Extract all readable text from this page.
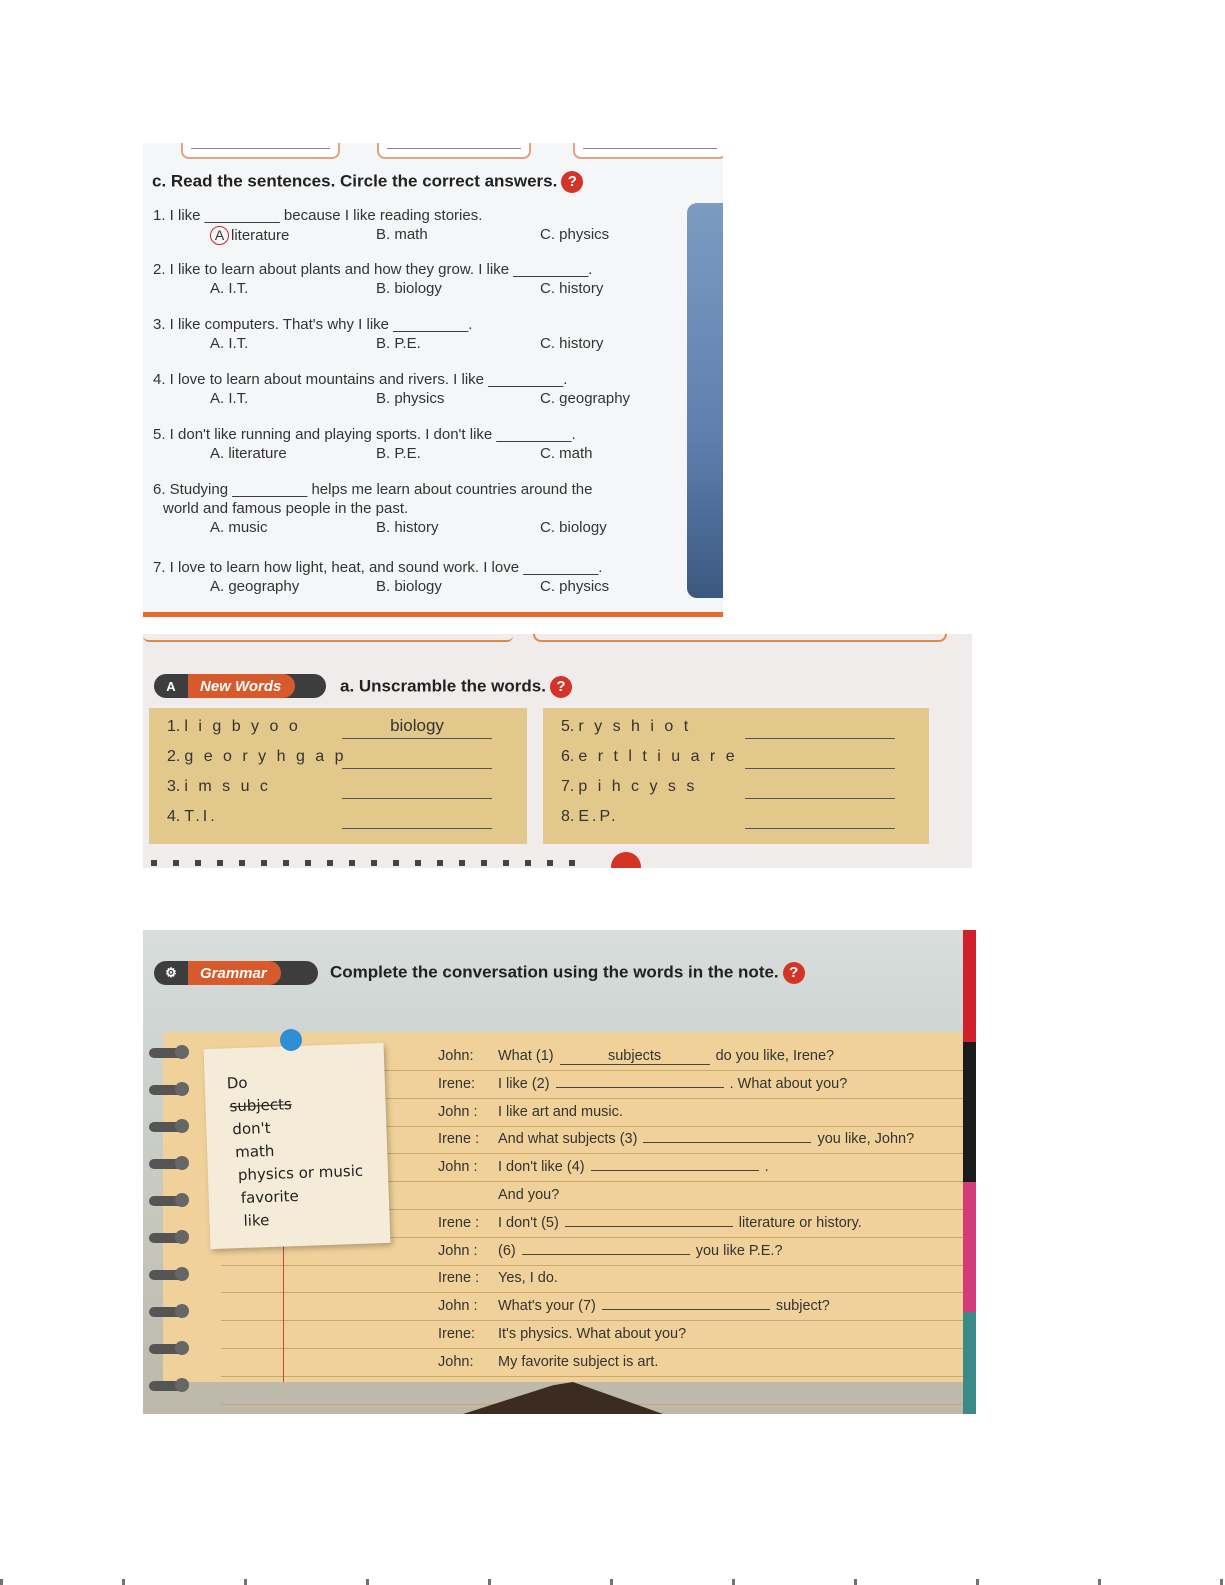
c. Read the sentences. Circle the correct answers. ?
1. I like _________ because I like reading stories.
A literature	B. math	C. physics
2. I like to learn about plants and how they grow. I like _________.
A. I.T.	B. biology	C. history
3. I like computers. That's why I like _________.
A. I.T.	B. P.E.	C. history
4. I love to learn about mountains and rivers. I like _________.
A. I.T.	B. physics	C. geography
5. I don't like running and playing sports. I don't like _________.
A. literature	B. P.E.	C. math
6. Studying _________ helps me learn about countries around the
world and famous people in the past.
A. music	B. history	C. biology
7. I love to learn how light, heat, and sound work. I love _________.
A. geography	B. biology	C. physics
A	New Words	a. Unscramble the words. ?
1. l i g b y o o	biology
2. g e o r y h g a p
3. i m s u c
4. T.I.
5. r y s h i o t
6. e r t l t i u a r e
7. p i h c y s s
8. E.P.
⚙	Grammar	Complete the conversation using the words in the note. ?
Do
subjects
don't
math
physics or music
favorite
like
John: What (1)	subjects	do you like, Irene?
Irene: I like (2)	. What about you?
John : I like art and music.
Irene : And what subjects (3)	you like, John?
John : I don't like (4)	.
And you?
Irene : I don't (5)	literature or history.
John : (6)	you like P.E.?
Irene : Yes, I do.
John : What's your (7)	subject?
Irene: It's physics. What about you?
John: My favorite subject is art.
